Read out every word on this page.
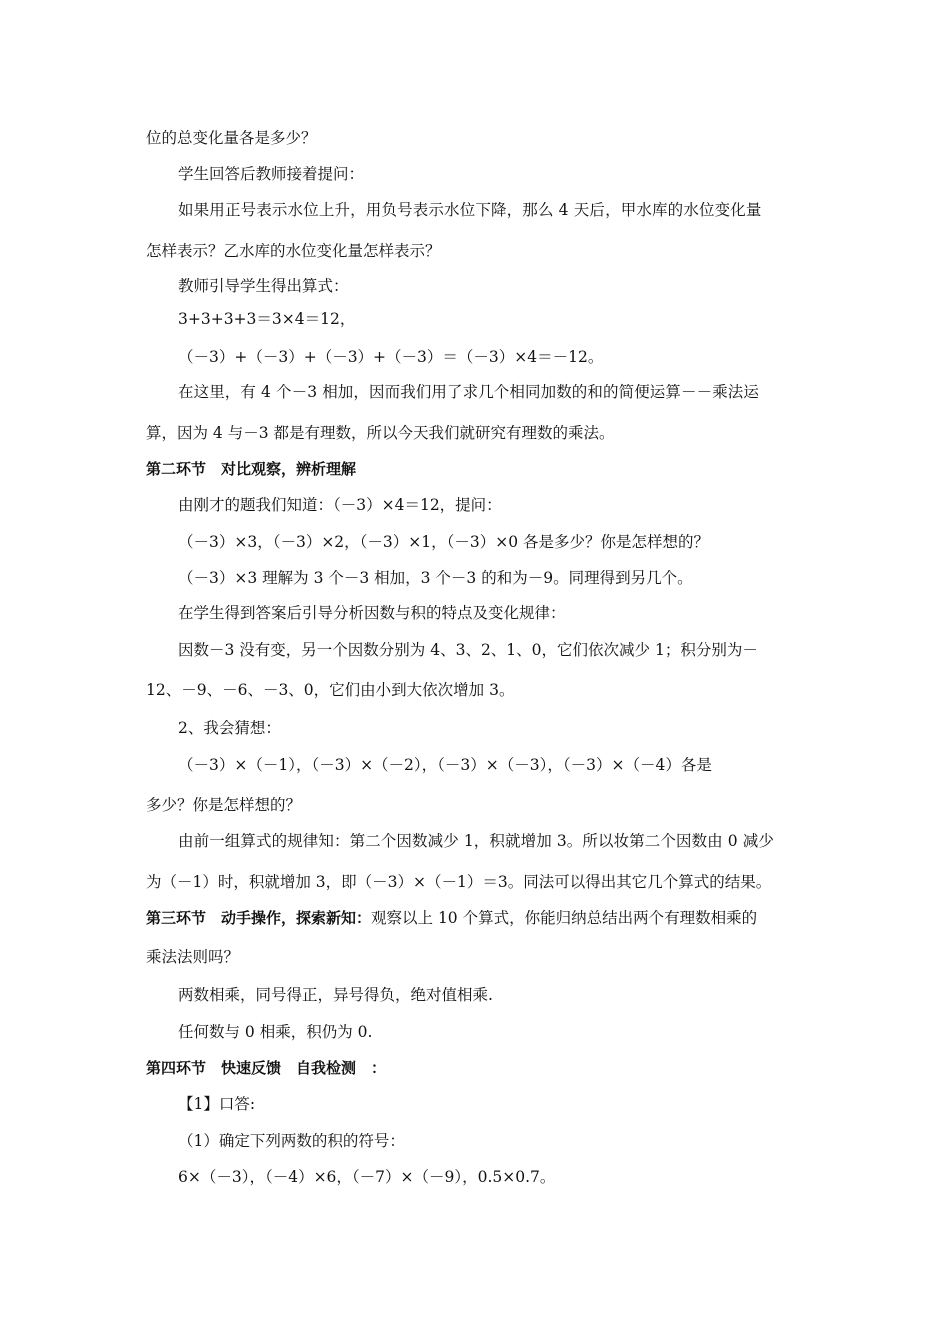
位的总变化量各是多少？
学生回答后教师接着提问：
如果用正号表示水位上升，用负号表示水位下降，那么 4 天后，甲水库的水位变化量
怎样表示？乙水库的水位变化量怎样表示？
教师引导学生得出算式：
3+3+3+3＝3×4＝12，
（－3）+（－3）+（－3）+（－3）＝（－3）×4＝－12。
在这里，有 4 个－3 相加，因而我们用了求几个相同加数的和的简便运算－－乘法运
算，因为 4 与－3 都是有理数，所以今天我们就研究有理数的乘法。
第二环节　对比观察，辨析理解
由刚才的题我们知道：（－3）×4＝12，提问：
（－3）×3，（－3）×2，（－3）×1，（－3）×0 各是多少？你是怎样想的？
（－3）×3 理解为 3 个－3 相加，3 个－3 的和为－9。同理得到另几个。
在学生得到答案后引导分析因数与积的特点及变化规律：
因数－3 没有变，另一个因数分别为 4、3、2、1、0，它们依次减少 1；积分别为－
12、－9、－6、－3、0，它们由小到大依次增加 3。
2、我会猜想：
（－3）×（－1），（－3）×（－2），（－3）×（－3），（－3）×（－4）各是
多少？你是怎样想的？
由前一组算式的规律知：第二个因数减少 1，积就增加 3。所以妆第二个因数由 0 减少
为（－1）时，积就增加 3，即（－3）×（－1）＝3。同法可以得出其它几个算式的结果。
第三环节　动手操作，探索新知：观察以上 10 个算式，你能归纳总结出两个有理数相乘的
乘法法则吗？
两数相乘，同号得正，异号得负，绝对值相乘.
任何数与 0 相乘，积仍为 0.
第四环节　快速反馈　自我检测　：
【1】口答:
（1）确定下列两数的积的符号：
6×（－3），（－4）×6，（－7）×（－9），0.5×0.7。
